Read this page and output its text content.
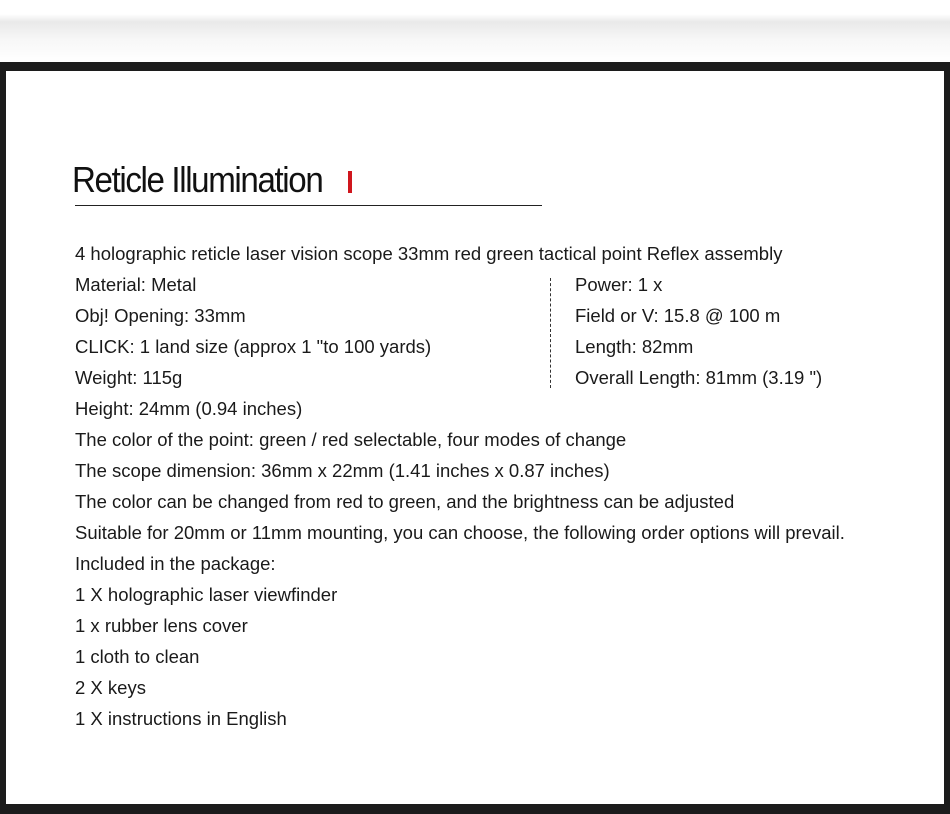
Reticle Illumination

4 holographic reticle laser vision scope 33mm red green tactical point Reflex assembly

Material: Metal

Obj! Opening: 33mm

CLICK: 1 land size (approx 1 "to 100 yards)

Weight: 115g

Power: 1 x

Field or V: 15.8 @ 100 m

Length: 82mm

Overall Length: 81mm (3.19 ")

Height: 24mm (0.94 inches)

The color of the point: green / red selectable, four modes of change

The scope dimension: 36mm x 22mm (1.41 inches x 0.87 inches)

The color can be changed from red to green, and the brightness can be adjusted

Suitable for 20mm or 11mm mounting, you can choose, the following order options will prevail.

Included in the package:

1 X holographic laser viewfinder

1 x rubber lens cover

1 cloth to clean

2 X keys

1 X instructions in English
